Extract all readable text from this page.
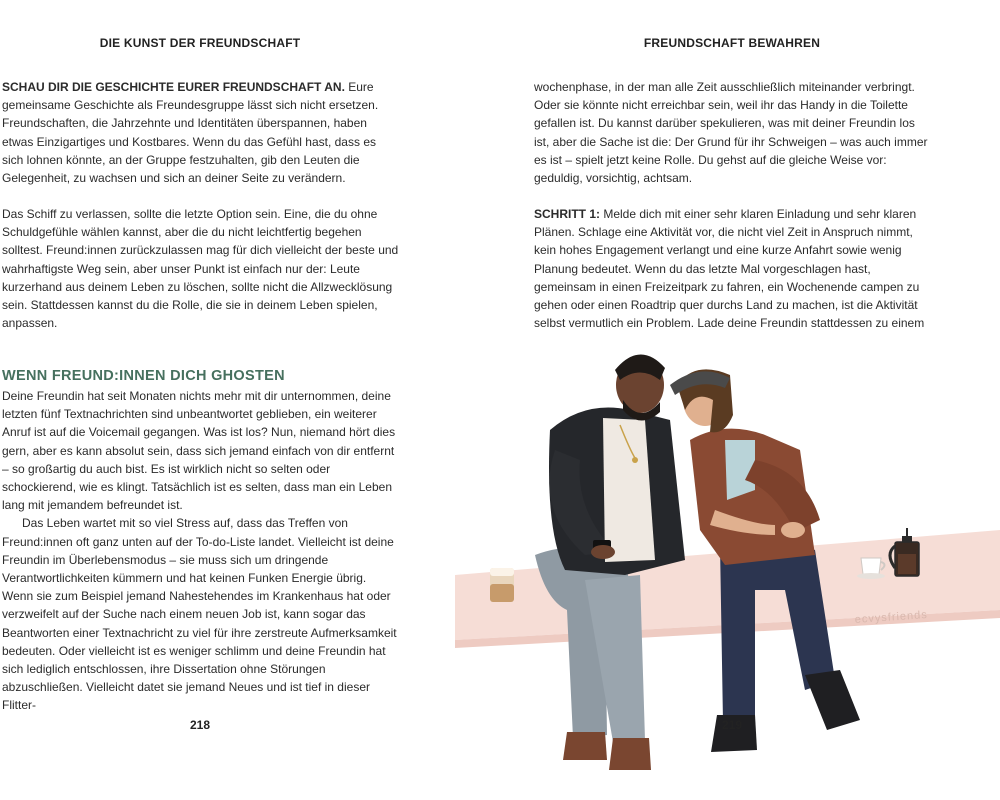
DIE KUNST DER FREUNDSCHAFT

SCHAU DIR DIE GESCHICHTE EURER FREUNDSCHAFT AN. Eure gemeinsame Geschichte als Freundesgruppe lässt sich nicht ersetzen. Freundschaften, die Jahrzehnte und Identitäten überspannen, haben etwas Einzigartiges und Kostbares. Wenn du das Gefühl hast, dass es sich lohnen könnte, an der Gruppe festzuhalten, gib den Leuten die Gelegenheit, zu wachsen und sich an deiner Seite zu verändern.

Das Schiff zu verlassen, sollte die letzte Option sein. Eine, die du ohne Schuldgefühle wählen kannst, aber die du nicht leichtfertig begehen solltest. Freund:innen zurückzulassen mag für dich vielleicht der beste und wahrhaftigste Weg sein, aber unser Punkt ist einfach nur der: Leute kurzerhand aus deinem Leben zu löschen, sollte nicht die Allzwecklösung sein. Stattdessen kannst du die Rolle, die sie in deinem Leben spielen, anpassen.

WENN FREUND:INNEN DICH GHOSTEN

Deine Freundin hat seit Monaten nichts mehr mit dir unternommen, deine letzten fünf Textnachrichten sind unbeantwortet geblieben, ein weiterer Anruf ist auf die Voicemail gegangen. Was ist los? Nun, niemand hört dies gern, aber es kann absolut sein, dass sich jemand einfach von dir entfernt – so großartig du auch bist. Es ist wirklich nicht so selten oder schockierend, wie es klingt. Tatsächlich ist es selten, dass man ein Leben lang mit jemandem befreundet ist.

Das Leben wartet mit so viel Stress auf, dass das Treffen von Freund:innen oft ganz unten auf der To-do-Liste landet. Vielleicht ist deine Freundin im Überlebensmodus – sie muss sich um dringende Verantwortlichkeiten kümmern und hat keinen Funken Energie übrig. Wenn sie zum Beispiel jemand Nahestehendes im Krankenhaus hat oder verzweifelt auf der Suche nach einem neuen Job ist, kann sogar das Beantworten einer Textnachricht zu viel für ihre zerstreute Aufmerksamkeit bedeuten. Oder vielleicht ist es weniger schlimm und deine Freundin hat sich lediglich entschlossen, ihre Dissertation ohne Störungen abzuschließen. Vielleicht datet sie jemand Neues und ist tief in dieser Flitter-

218
FREUNDSCHAFT BEWAHREN

wochenphase, in der man alle Zeit ausschließlich miteinander verbringt. Oder sie könnte nicht erreichbar sein, weil ihr das Handy in die Toilette gefallen ist. Du kannst darüber spekulieren, was mit deiner Freundin los ist, aber die Sache ist die: Der Grund für ihr Schweigen – was auch immer es ist – spielt jetzt keine Rolle. Du gehst auf die gleiche Weise vor: geduldig, vorsichtig, achtsam.

SCHRITT 1: Melde dich mit einer sehr klaren Einladung und sehr klaren Plänen. Schlage eine Aktivität vor, die nicht viel Zeit in Anspruch nimmt, kein hohes Engagement verlangt und eine kurze Anfahrt sowie wenig Planung bedeutet. Wenn du das letzte Mal vorgeschlagen hast, gemeinsam in einen Freizeitpark zu fahren, ein Wochenende campen zu gehen oder einen Roadtrip quer durchs Land zu machen, ist die Aktivität selbst vermutlich ein Problem. Lade deine Freundin stattdessen zu einem

ecvysfriends
219
